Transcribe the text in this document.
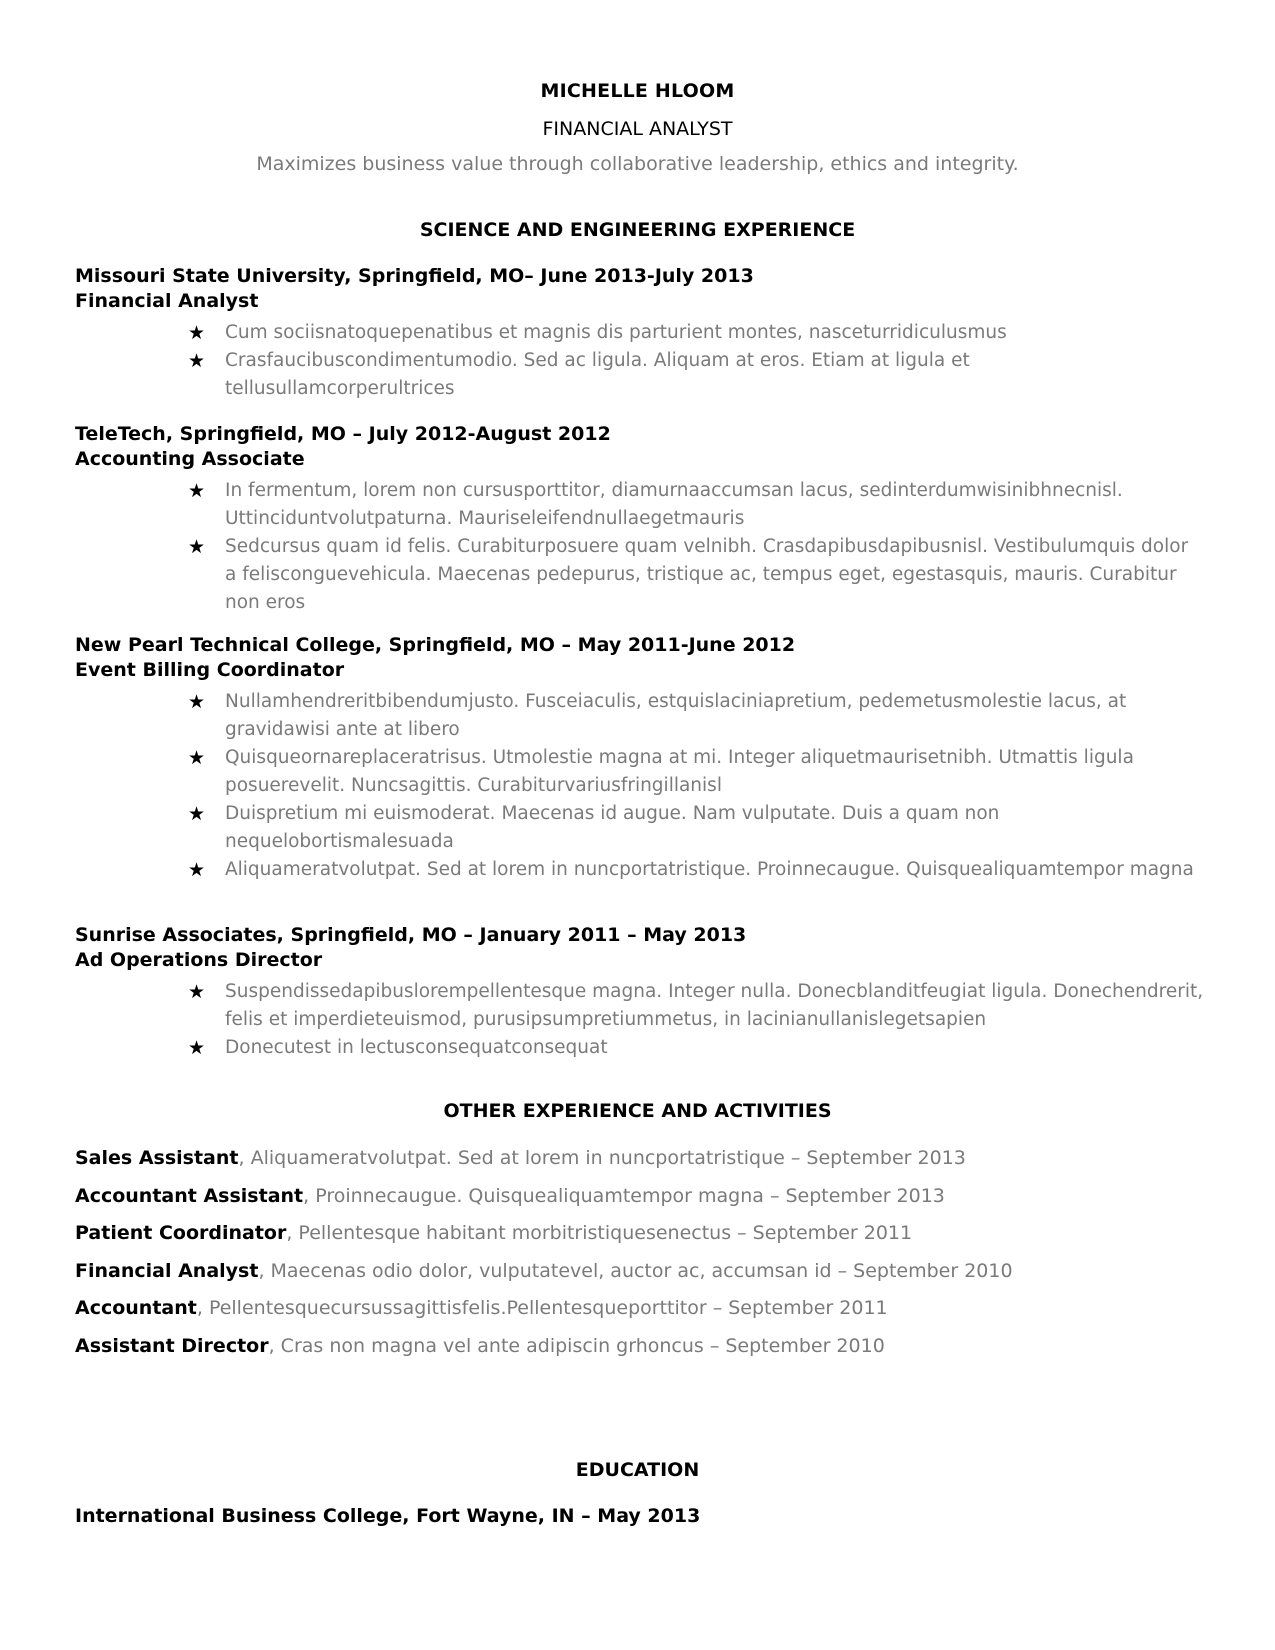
MICHELLE HLOOM
FINANCIAL ANALYST
Maximizes business value through collaborative leadership, ethics and integrity.
SCIENCE AND ENGINEERING EXPERIENCE
Missouri State University, Springfield, MO– June 2013-July 2013
Financial Analyst
★ Cum sociisnatoquepenatibus et magnis dis parturient montes, nasceturridiculusmus
★ Crasfaucibuscondimentumodio. Sed ac ligula. Aliquam at eros. Etiam at ligula et tellusullamcorperultrices
TeleTech, Springfield, MO – July 2012-August 2012
Accounting Associate
★ In fermentum, lorem non cursusporttitor, diamurnaaccumsan lacus, sedinterdumwisinibhnecnisl. Uttinciduntvolutpaturna. Mauriseleifendnullaegetmauris
★ Sedcursus quam id felis. Curabiturposuere quam velnibh. Crasdapibusdapibusnisl. Vestibulumquis dolor a felisconguevehicula. Maecenas pedepurus, tristique ac, tempus eget, egestasquis, mauris. Curabitur non eros
New Pearl Technical College, Springfield, MO – May 2011-June 2012
Event Billing Coordinator
★ Nullamhendreritbibendumjusto. Fusceiaculis, estquislaciniapretium, pedemetusmolestie lacus, at gravidawisi ante at libero
★ Quisqueornareplaceratrisus. Utmolestie magna at mi. Integer aliquetmaurisetnibh. Utmattis ligula posuerevelit. Nuncsagittis. Curabiturvariusfringillanisl
★ Duispretium mi euismoderat. Maecenas id augue. Nam vulputate. Duis a quam non nequelobortismalesuada
★ Aliquameratvolutpat. Sed at lorem in nuncportatristique. Proinnecaugue. Quisquealiquamtempor magna
Sunrise Associates, Springfield, MO – January 2011 – May 2013
Ad Operations Director
★ Suspendissedapibuslorempellentesque magna. Integer nulla. Donecblanditfeugiat ligula. Donechendrerit, felis et imperdieteuismod, purusipsumpretiummetus, in lacinianullanislegetsapien
★ Donecutest in lectusconsequatconsequat
OTHER EXPERIENCE AND ACTIVITIES
Sales Assistant, Aliquameratvolutpat. Sed at lorem in nuncportatristique – September 2013
Accountant Assistant, Proinnecaugue. Quisquealiquamtempor magna – September 2013
Patient Coordinator, Pellentesque habitant morbitristiquesenectus – September 2011
Financial Analyst, Maecenas odio dolor, vulputatevel, auctor ac, accumsan id – September 2010
Accountant, Pellentesquecursussagittisfelis.Pellentesqueporttitor – September 2011
Assistant Director, Cras non magna vel ante adipiscin grhoncus – September 2010
EDUCATION
International Business College, Fort Wayne, IN – May 2013
